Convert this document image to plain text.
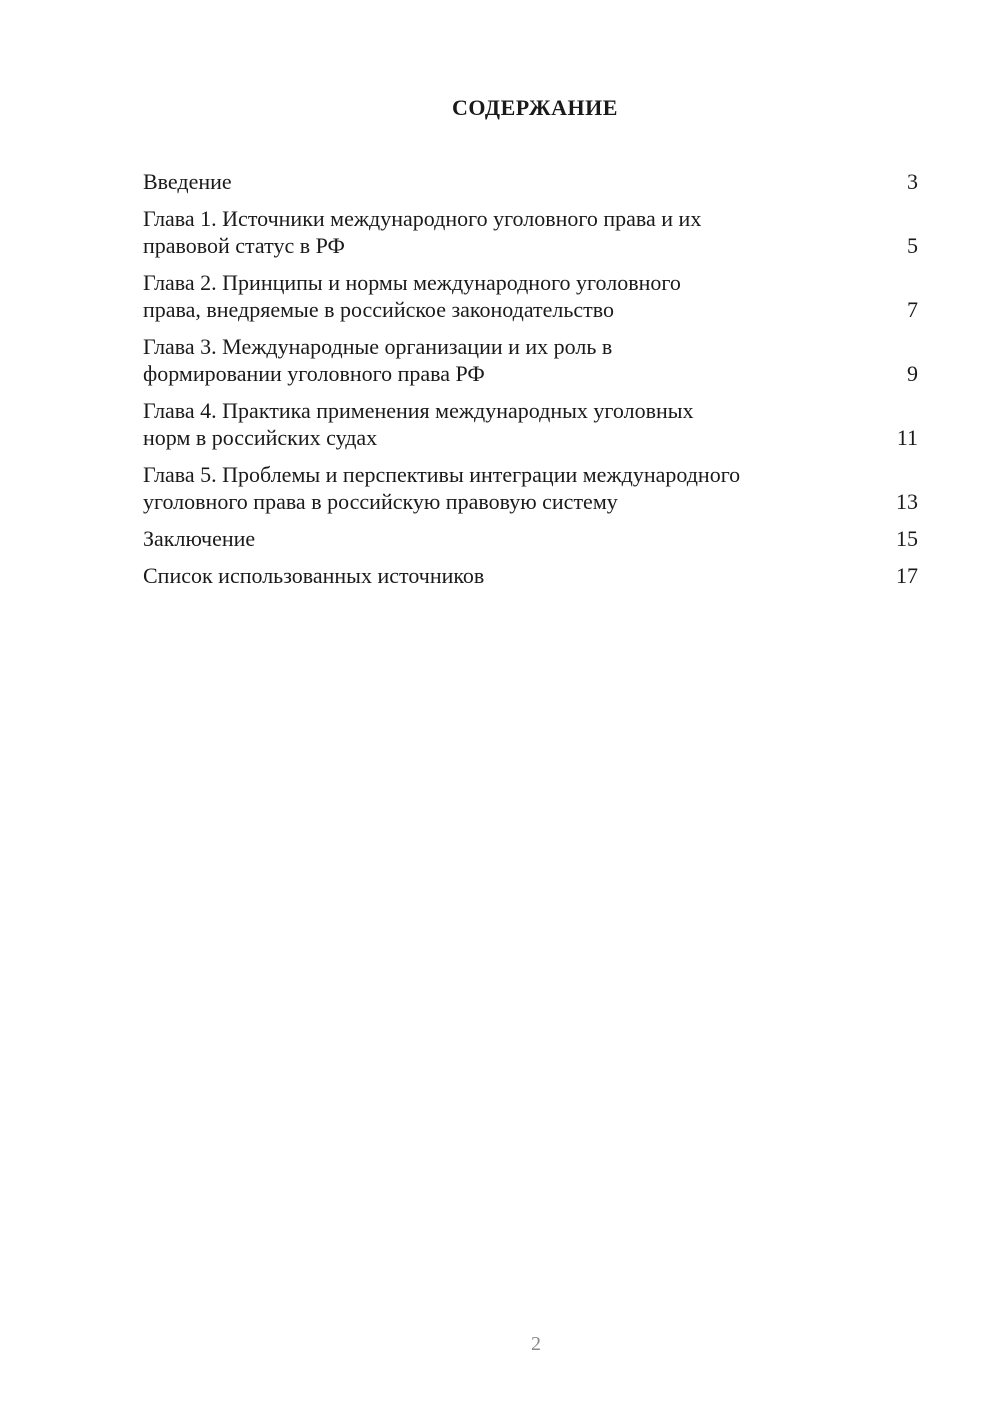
СОДЕРЖАНИЕ
Введение	3
Глава 1. Источники международного уголовного права и их
правовой статус в РФ	5
Глава 2. Принципы и нормы международного уголовного
права, внедряемые в российское законодательство	7
Глава 3. Международные организации и их роль в
формировании уголовного права РФ	9
Глава 4. Практика применения международных уголовных
норм в российских судах	11
Глава 5. Проблемы и перспективы интеграции международного
уголовного права в российскую правовую систему	13
Заключение	15
Список использованных источников	17
2
